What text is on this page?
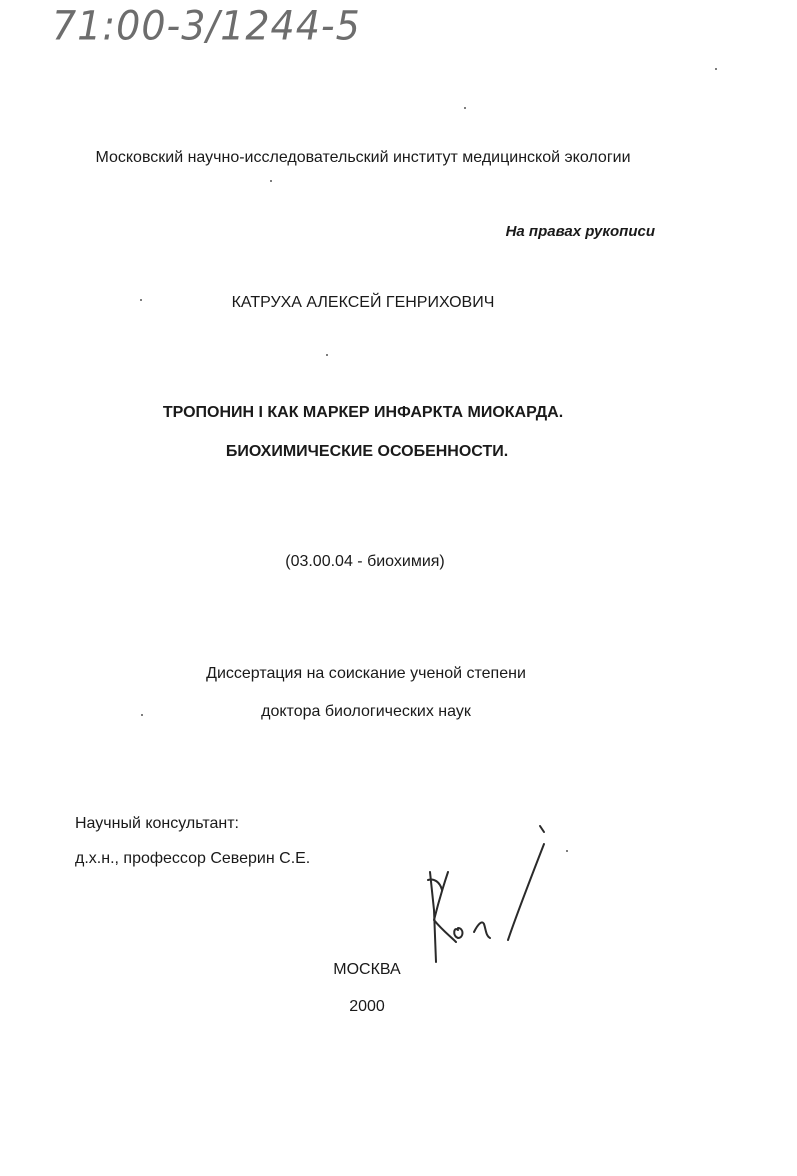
71:00-3/1244-5
Московский научно-исследовательский институт медицинской экологии
На правах рукописи
КАТРУХА АЛЕКСЕЙ ГЕНРИХОВИЧ
ТРОПОНИН I КАК МАРКЕР ИНФАРКТА МИОКАРДА.
БИОХИМИЧЕСКИЕ ОСОБЕННОСТИ.
(03.00.04 - биохимия)
Диссертация на соискание ученой степени
доктора биологических наук
Научный консультант:
д.х.н., профессор Северин С.Е.
МОСКВА
2000
